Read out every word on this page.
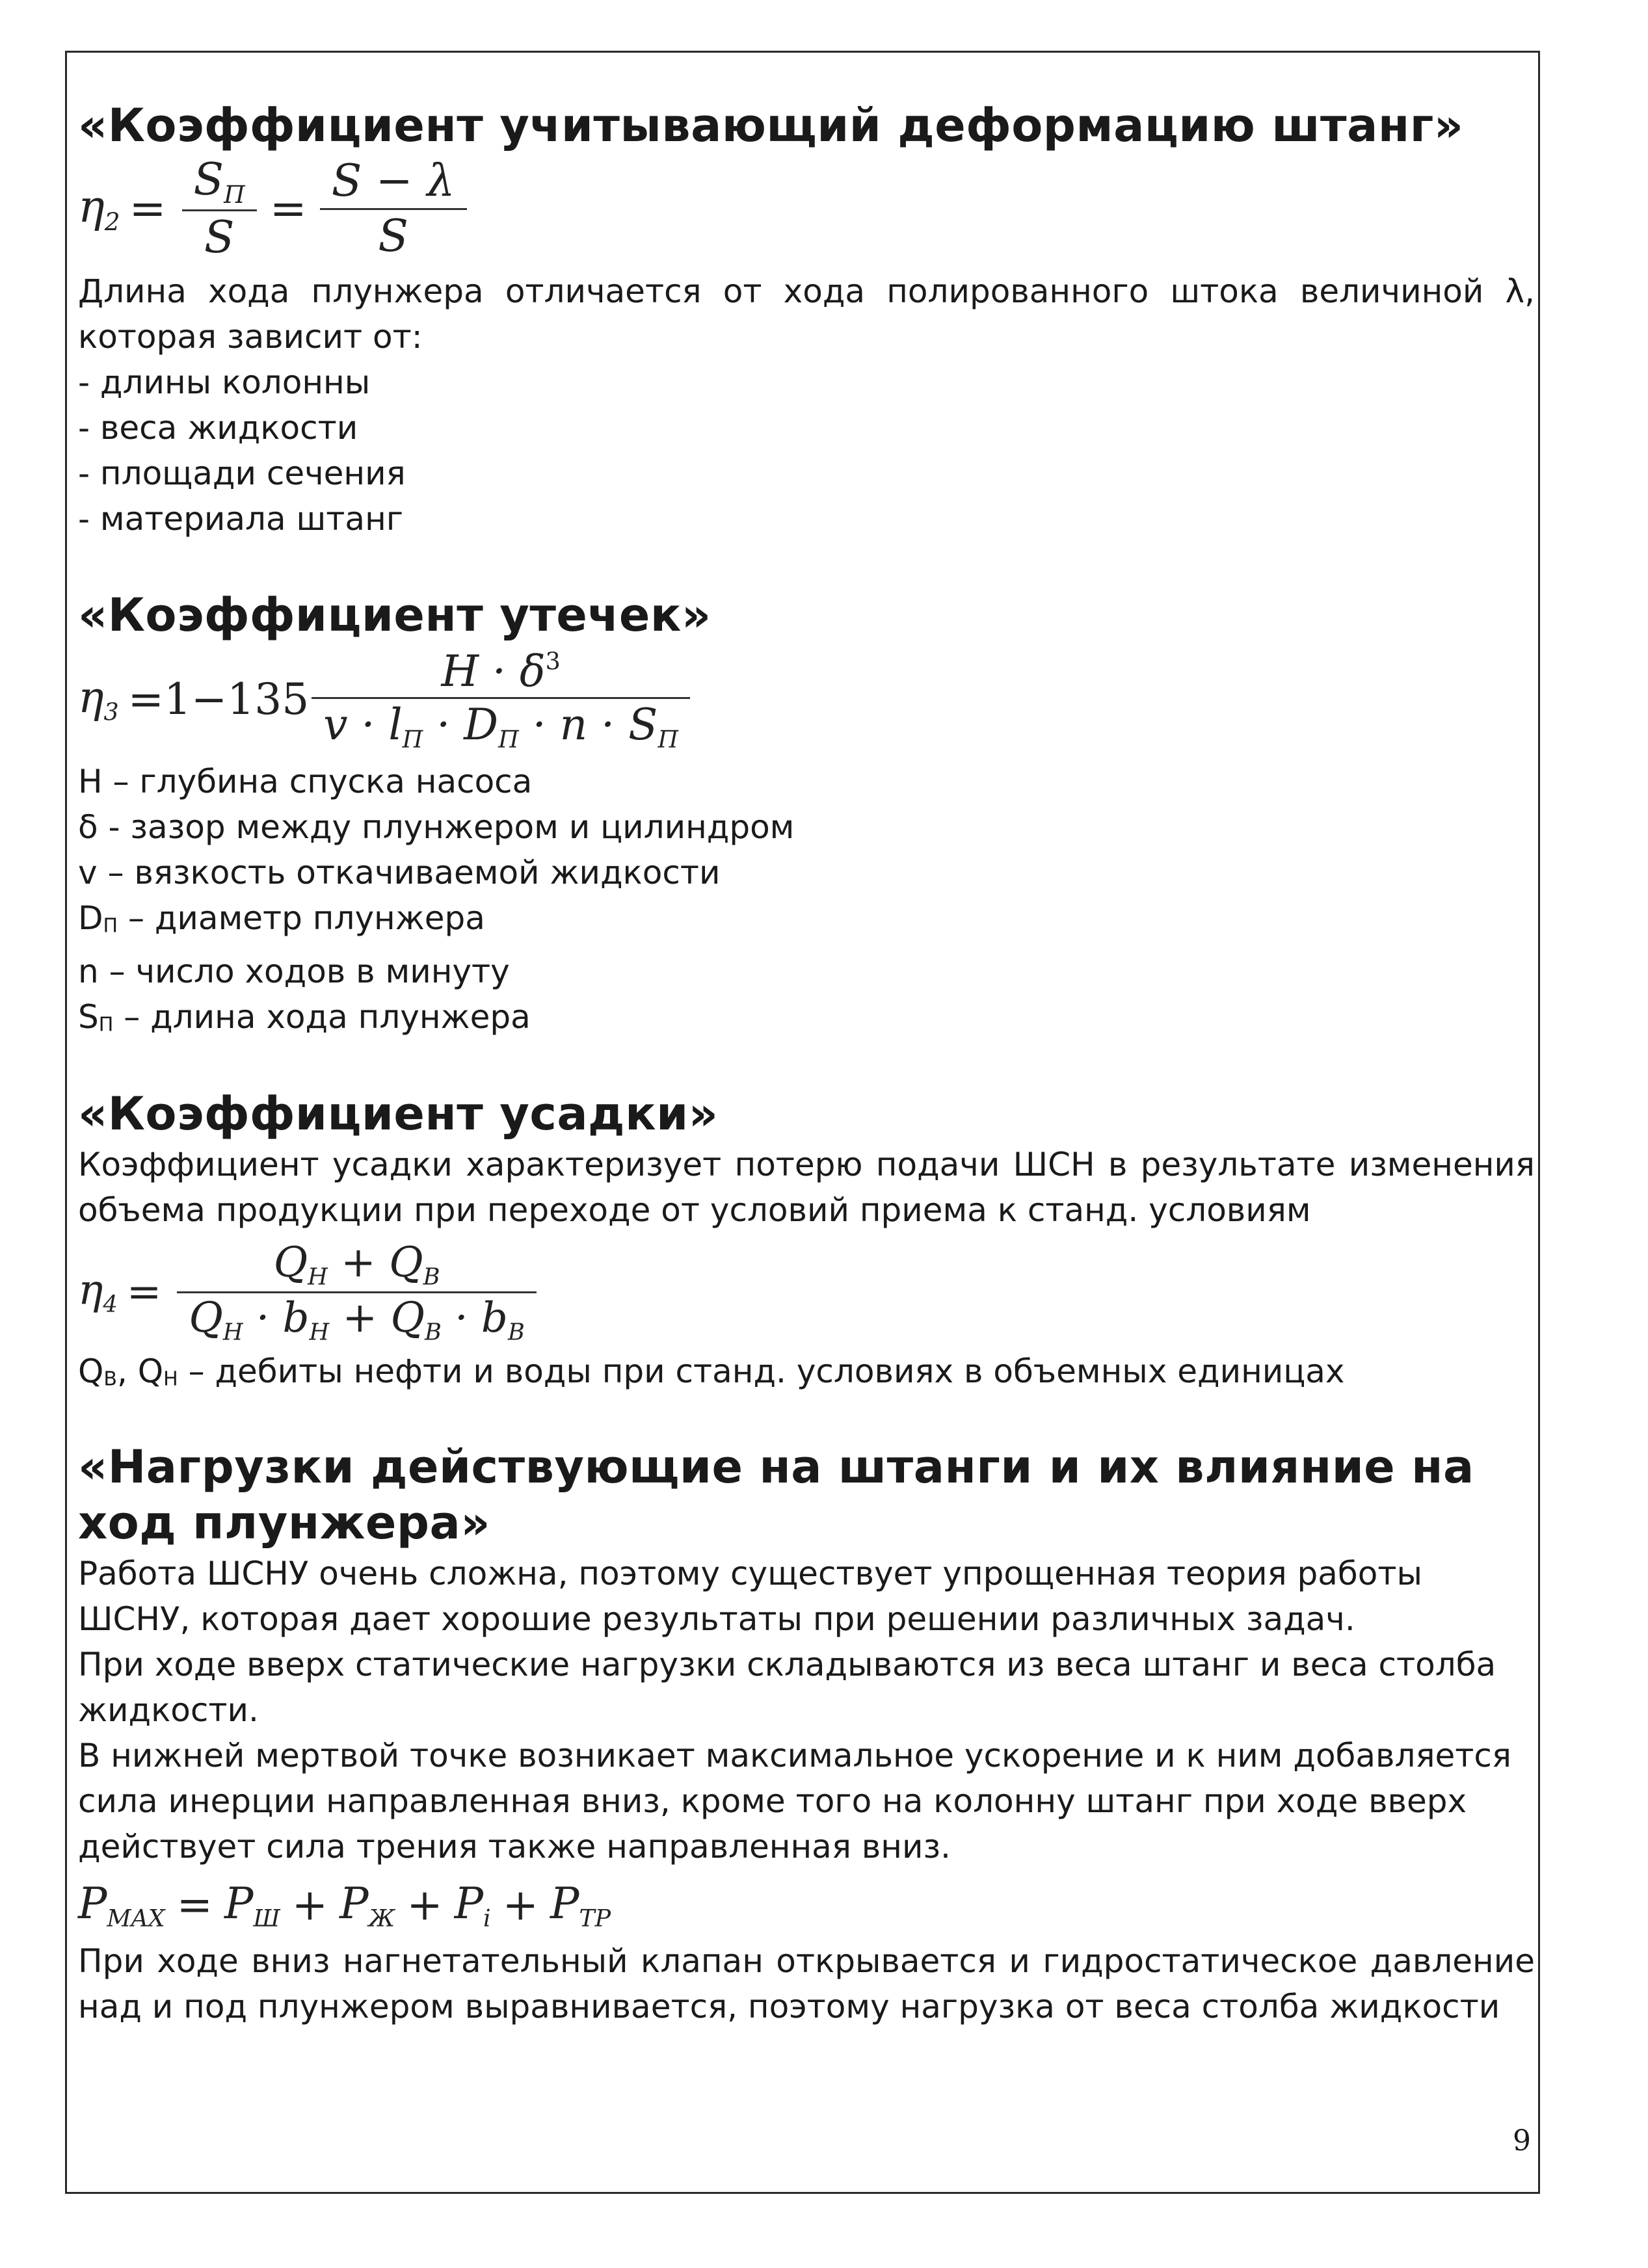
«Коэффициент учитывающий деформацию штанг»
$\eta_2 = \frac{S_П}{S} = \frac{S - \lambda}{S}$

Длина хода плунжера отличается от хода полированного штока величиной λ, которая зависит от:

- длины колонны
- веса жидкости
- площади сечения
- материала штанг
«Коэффициент утечек»
$\eta_3 =1-135 \frac{H \cdot \delta^3}{v \cdot l_П \cdot D_П \cdot n \cdot S_П}$
H – глубина спуска насоса
δ - зазор между плунжером и цилиндром
v – вязкость откачиваемой жидкости
DП – диаметр плунжера
n – число ходов в минуту
SП – длина хода плунжера
«Коэффициент усадки»

Коэффициент усадки характеризует потерю подачи ШСН в результате изменения объема продукции при переходе от условий приема к станд. условиям

$\eta_4 = \frac{Q_Н + Q_В}{Q_Н \cdot b_Н + Q_В \cdot b_В}$
QВ, QН – дебиты нефти и воды при станд. условиях в объемных единицах
«Нагрузки действующие на штанги и их влияние на ход плунжера»

Работа ШСНУ очень сложна, поэтому существует упрощенная теория работы ШСНУ, которая дает хорошие результаты при решении различных задач.

При ходе вверх статические нагрузки складываются из веса штанг и веса столба жидкости.

В нижней мертвой точке возникает максимальное ускорение и к ним добавляется сила инерции направленная вниз, кроме того на колонну штанг при ходе вверх действует сила трения также направленная вниз.

$P_{MAX} = P_Ш + P_Ж + P_i + P_{TP}$

При ходе вниз нагнетательный клапан открывается и гидростатическое давление над и под плунжером выравнивается, поэтому нагрузка от веса столба жидкости

9
